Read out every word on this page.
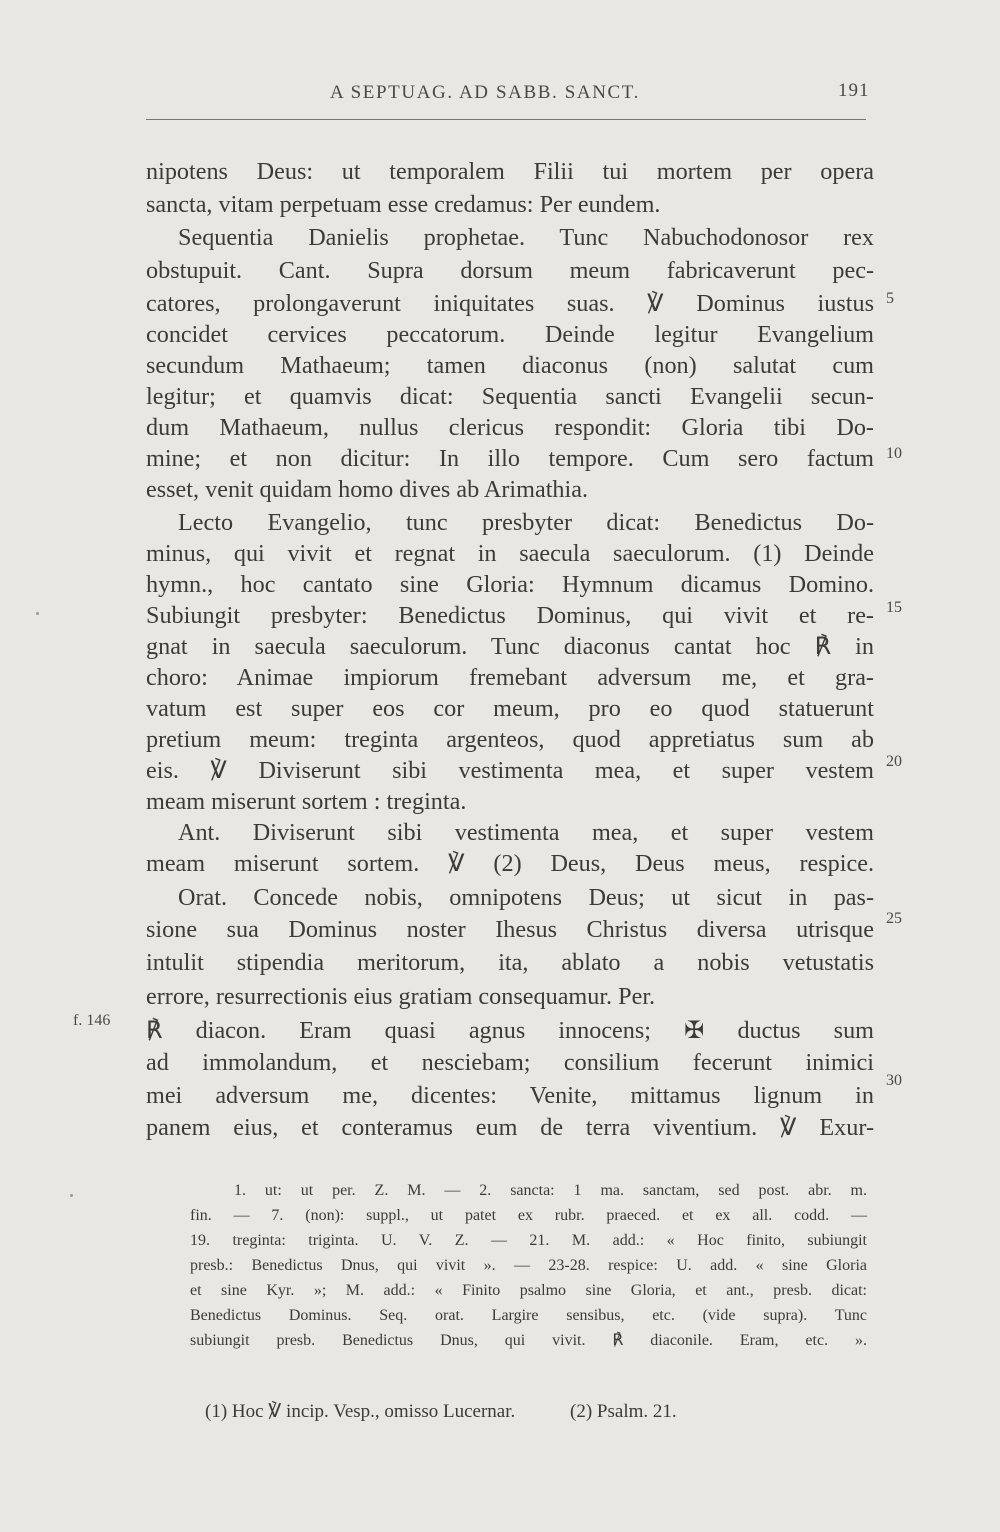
A SEPTUAG. AD SABB. SANCT.	191
nipotens Deus: ut temporalem Filii tui mortem per opera
sancta, vitam perpetuam esse credamus: Per eundem.
Sequentia Danielis prophetae. Tunc Nabuchodonosor rex
obstupuit. Cant. Supra dorsum meum fabricaverunt pec-
catores, prolongaverunt iniquitates suas. ℣ Dominus iustus
concidet cervices peccatorum. Deinde legitur Evangelium
secundum Mathaeum; tamen diaconus (non) salutat cum
legitur; et quamvis dicat: Sequentia sancti Evangelii secun-
dum Mathaeum, nullus clericus respondit: Gloria tibi Do-
mine; et non dicitur: In illo tempore. Cum sero factum
esset, venit quidam homo dives ab Arimathia.
Lecto Evangelio, tunc presbyter dicat: Benedictus Do-
minus, qui vivit et regnat in saecula saeculorum. (1) Deinde
hymn., hoc cantato sine Gloria: Hymnum dicamus Domino.
Subiungit presbyter: Benedictus Dominus, qui vivit et re-
gnat in saecula saeculorum. Tunc diaconus cantat hoc ℟ in
choro: Animae impiorum fremebant adversum me, et gra-
vatum est super eos cor meum, pro eo quod statuerunt
pretium meum: treginta argenteos, quod appretiatus sum ab
eis. ℣ Diviserunt sibi vestimenta mea, et super vestem
meam miserunt sortem : treginta.
Ant. Diviserunt sibi vestimenta mea, et super vestem
meam miserunt sortem. ℣ (2) Deus, Deus meus, respice.
Orat. Concede nobis, omnipotens Deus; ut sicut in pas-
sione sua Dominus noster Ihesus Christus diversa utrisque
intulit stipendia meritorum, ita, ablato a nobis vetustatis
errore, resurrectionis eius gratiam consequamur. Per.
℟ diacon. Eram quasi agnus innocens; ✠ ductus sum
ad immolandum, et nesciebam; consilium fecerunt inimici
mei adversum me, dicentes: Venite, mittamus lignum in
panem eius, et conteramus eum de terra viventium. ℣ Exur-
5
10
15
20
25
30
f. 146
1. ut: ut per. Z. M. — 2. sancta: 1 ma. sanctam, sed post. abr. m.
fin. — 7. (non): suppl., ut patet ex rubr. praeced. et ex all. codd. —
19. treginta: triginta. U. V. Z. — 21. M. add.: « Hoc finito, subiungit
presb.: Benedictus Dnus, qui vivit ». — 23-28. respice: U. add. « sine Gloria
et sine Kyr. »; M. add.: « Finito psalmo sine Gloria, et ant., presb. dicat:
Benedictus Dominus. Seq. orat. Largire sensibus, etc. (vide supra). Tunc
subiungit presb. Benedictus Dnus, qui vivit. ℟ diaconile. Eram, etc. ».
(1) Hoc ℣ incip. Vesp., omisso Lucernar.	(2) Psalm. 21.
